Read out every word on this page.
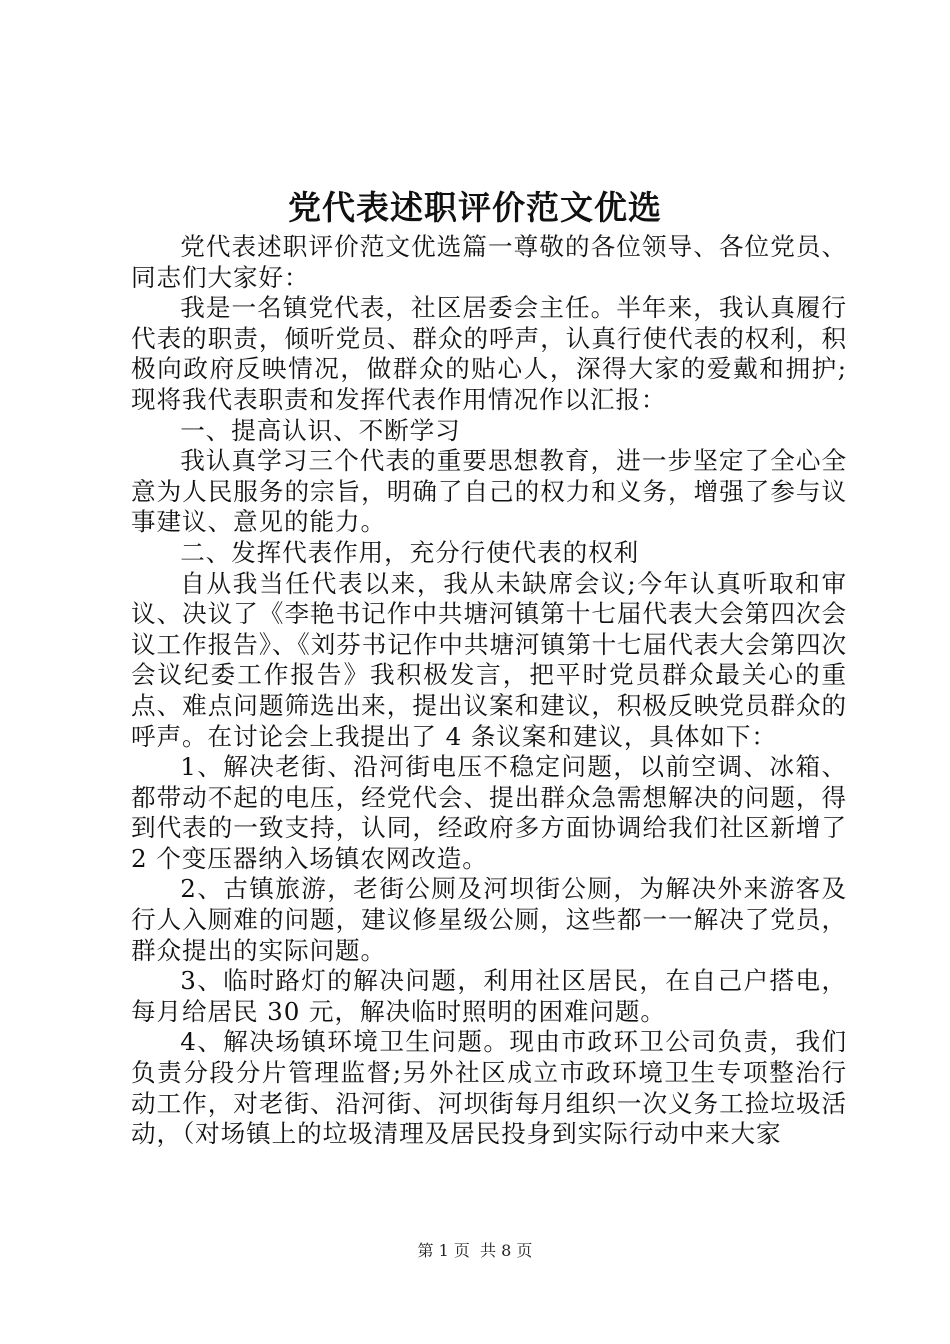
党代表述职评价范文优选

党代表述职评价范文优选篇一尊敬的各位领导、各位党员、同志们大家好：

我是一名镇党代表，社区居委会主任。半年来，我认真履行代表的职责，倾听党员、群众的呼声，认真行使代表的权利，积极向政府反映情况，做群众的贴心人，深得大家的爱戴和拥护;现将我代表职责和发挥代表作用情况作以汇报：

一、提高认识、不断学习

我认真学习三个代表的重要思想教育，进一步坚定了全心全意为人民服务的宗旨，明确了自己的权力和义务，增强了参与议事建议、意见的能力。

二、发挥代表作用，充分行使代表的权利

自从我当任代表以来，我从未缺席会议;今年认真听取和审议、决议了《李艳书记作中共塘河镇第十七届代表大会第四次会议工作报告》、《刘芬书记作中共塘河镇第十七届代表大会第四次会议纪委工作报告》我积极发言，把平时党员群众最关心的重点、难点问题筛选出来，提出议案和建议，积极反映党员群众的呼声。在讨论会上我提出了 4 条议案和建议，具体如下：

1、解决老街、沿河街电压不稳定问题，以前空调、冰箱、都带动不起的电压，经党代会、提出群众急需想解决的问题，得到代表的一致支持，认同，经政府多方面协调给我们社区新增了 2 个变压器纳入场镇农网改造。

2、古镇旅游，老街公厕及河坝街公厕，为解决外来游客及行人入厕难的问题，建议修星级公厕，这些都一一解决了党员，群众提出的实际问题。

3、临时路灯的解决问题，利用社区居民，在自己户搭电，每月给居民 30 元，解决临时照明的困难问题。

4、解决场镇环境卫生问题。现由市政环卫公司负责，我们负责分段分片管理监督;另外社区成立市政环境卫生专项整治行动工作，对老街、沿河街、河坝街每月组织一次义务工捡垃圾活动，（对场镇上的垃圾清理及居民投身到实际行动中来大家

第 1 页  共 8 页
